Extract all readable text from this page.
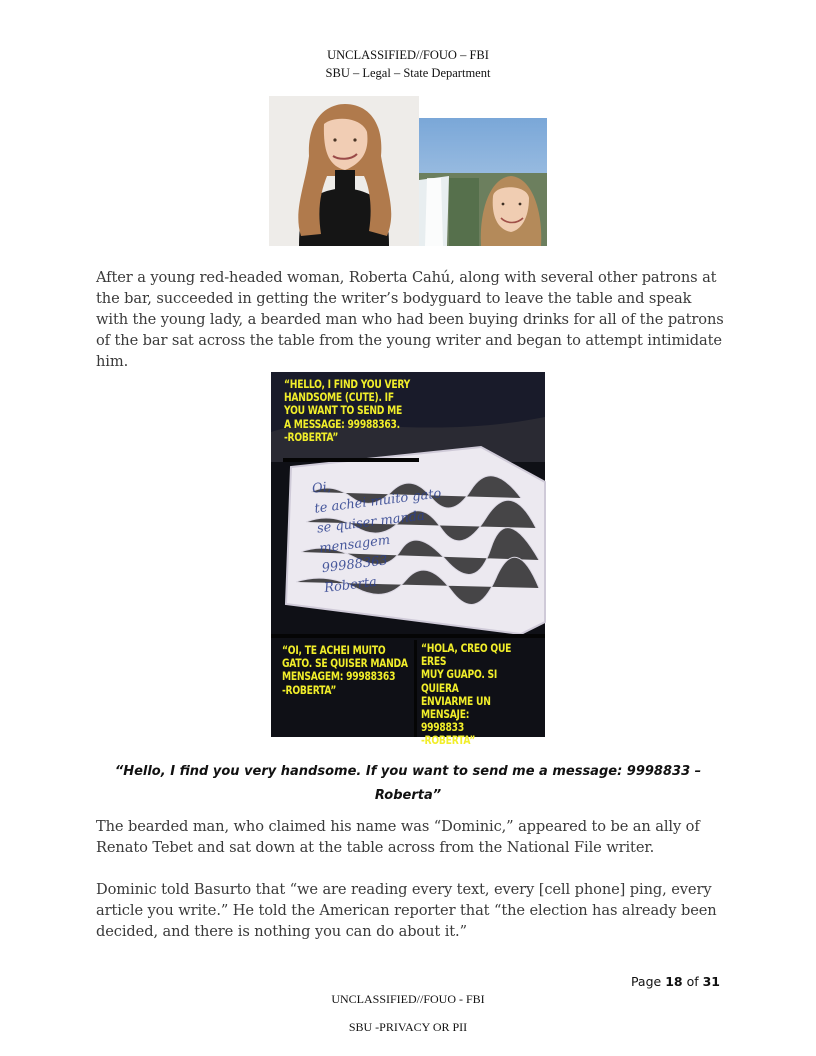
UNCLASSIFIED//FOUO – FBI
SBU – Legal – State Department
After a young red-headed woman, Roberta Cahú, along with several other patrons at the bar, succeeded in getting the writer’s bodyguard to leave the table and speak with the young lady, a bearded man who had been buying drinks for all of the patrons of the bar sat across the table from the young writer and began to attempt intimidate him.
“HELLO, I FIND YOU VERY
HANDSOME (CUTE). IF
YOU WANT TO SEND ME
A MESSAGE: 99988363.
-ROBERTA”
Oi,
te achei muito gato
se quiser manda
mensagem
99988363
Roberta
“OI, TE ACHEI MUITO
GATO. SE QUISER MANDA
MENSAGEM: 99988363
-ROBERTA”
“HOLA, CREO QUE ERES
MUY GUAPO. SI QUIERA
ENVIARME UN MENSAJE:
9998833
-ROBERTA”
“Hello, I find you very handsome. If you want to send me a message: 9998833 –
Roberta”
The bearded man, who claimed his name was “Dominic,” appeared to be an ally of Renato Tebet and sat down at the table across from the National File writer.
Dominic told Basurto that “we are reading every text, every [cell phone] ping, every article you write.” He told the American reporter that “the election has already been decided, and there is nothing you can do about it.”
Page 18 of 31
UNCLASSIFIED//FOUO - FBI
SBU -PRIVACY OR PII
